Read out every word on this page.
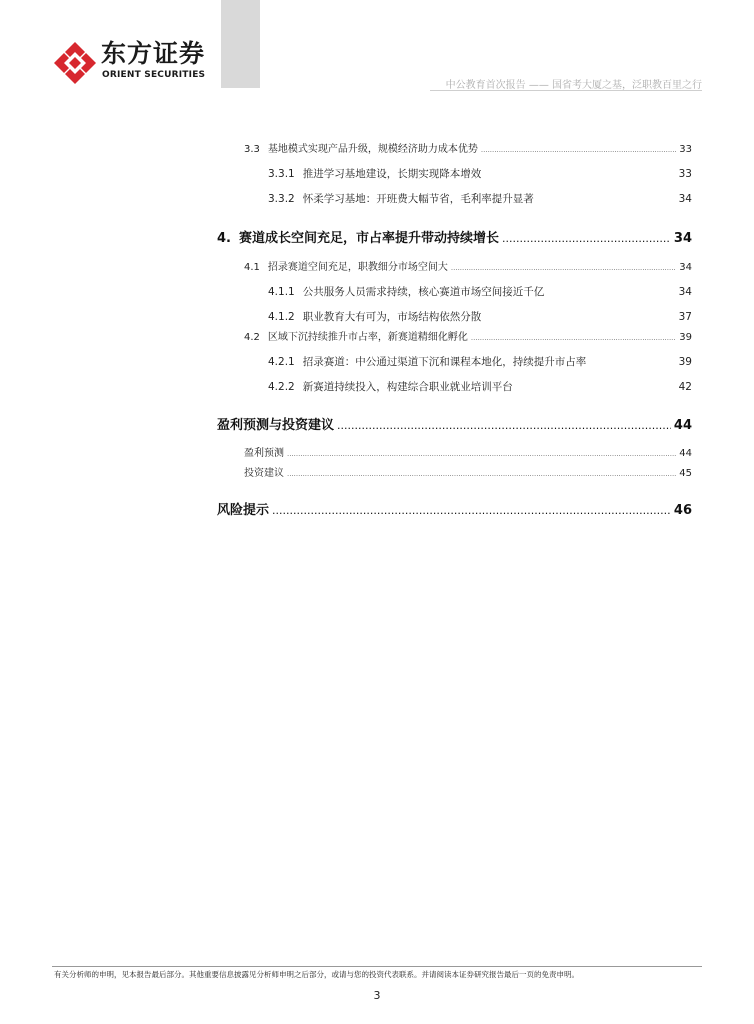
东方证券
ORIENT SECURITIES
中公教育首次报告 —— 国省考大厦之基，泛职教百里之行
3.3 基地模式实现产品升级，规模经济助力成本优势 .....	33
3.3.1 推进学习基地建设，长期实现降本增效	33
3.3.2 怀柔学习基地：开班费大幅节省，毛利率提升显著	34
4. 赛道成长空间充足，市占率提升带动持续增长 .....	34
4.1 招录赛道空间充足，职教细分市场空间大 .....	34
4.1.1 公共服务人员需求持续，核心赛道市场空间接近千亿	34
4.1.2 职业教育大有可为，市场结构依然分散	37
4.2 区域下沉持续推升市占率，新赛道精细化孵化 .....	39
4.2.1 招录赛道：中公通过渠道下沉和课程本地化，持续提升市占率	39
4.2.2 新赛道持续投入，构建综合职业就业培训平台	42
盈利预测与投资建议 .....	44
盈利预测 .....	44
投资建议 .....	45
风险提示 .....	46
有关分析师的申明，见本报告最后部分。其他重要信息披露见分析师申明之后部分，或请与您的投资代表联系。并请阅读本证券研究报告最后一页的免责申明。
3
